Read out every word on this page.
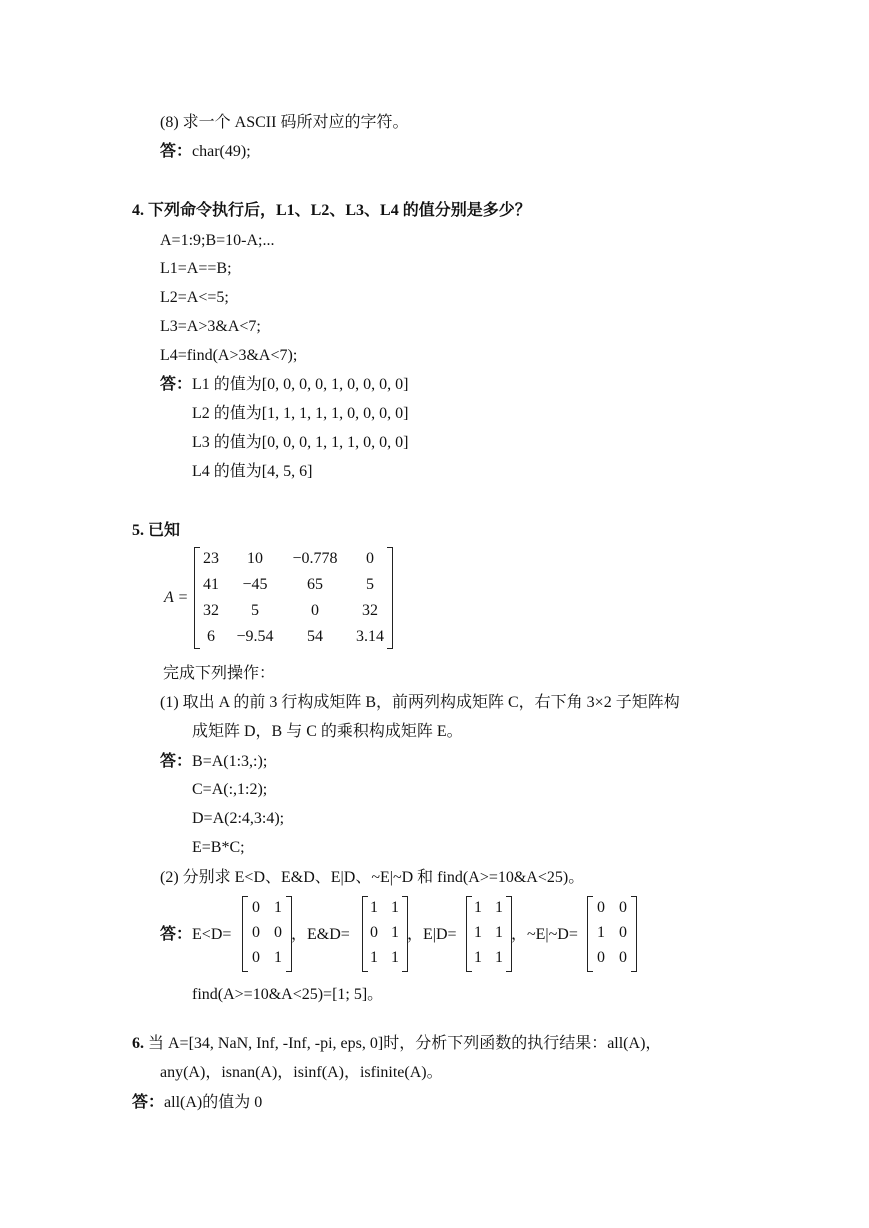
(8) 求一个 ASCII 码所对应的字符。
答：char(49);
4. 下列命令执行后，L1、L2、L3、L4 的值分别是多少？
A=1:9;B=10-A;...
L1=A==B;
L2=A<=5;
L3=A>3&A<7;
L4=find(A>3&A<7);
答：L1 的值为[0, 0, 0, 0, 1, 0, 0, 0, 0]
L2 的值为[1, 1, 1, 1, 1, 0, 0, 0, 0]
L3 的值为[0, 0, 0, 1, 1, 1, 0, 0, 0]
L4 的值为[4, 5, 6]
5. 已知
A =
23	10	−0.778	0
41	−45	65	5
32	5	0	32
6	−9.54	54	3.14
完成下列操作：
(1) 取出 A 的前 3 行构成矩阵 B，前两列构成矩阵 C，右下角 3×2 子矩阵构
成矩阵 D，B 与 C 的乘积构成矩阵 E。
答：B=A(1:3,:);
C=A(:,1:2);
D=A(2:4,3:4);
E=B*C;
(2) 分别求 E<D、E&D、E|D、~E|~D 和 find(A>=10&A<25)。
答：E<D=
0 1
0 0
0 1
，E&D=
1 1
0 1
1 1
，E|D=
1 1
1 1
1 1
，~E|~D=
0 0
1 0
0 0
find(A>=10&A<25)=[1; 5]。
6. 当 A=[34, NaN, Inf, -Inf, -pi, eps, 0]时，分析下列函数的执行结果：all(A)，
any(A)，isnan(A)，isinf(A)，isfinite(A)。
答：all(A)的值为 0
